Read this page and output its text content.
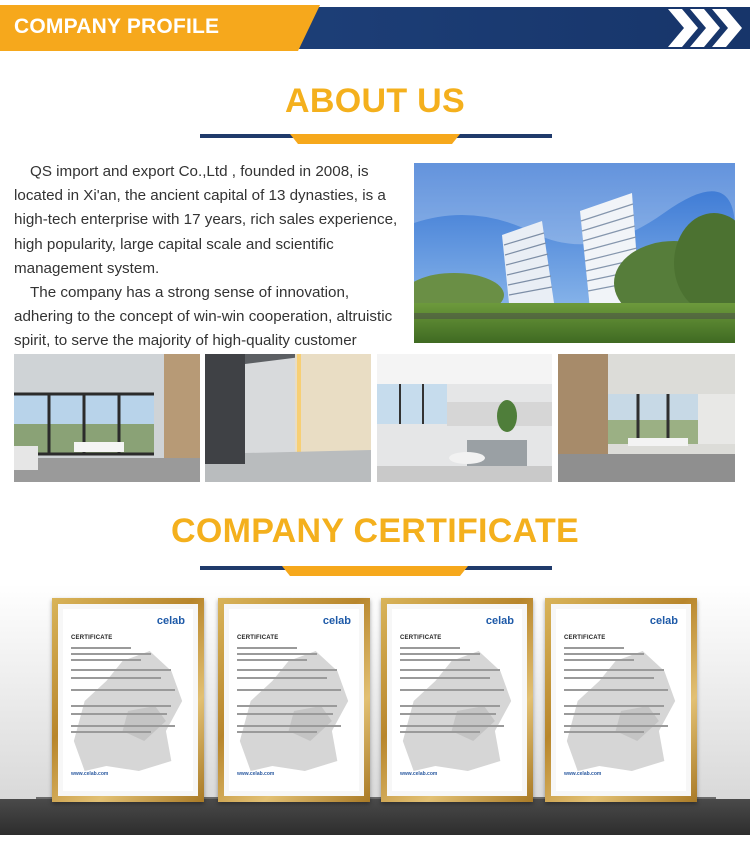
COMPANY PROFILE
ABOUT US

QS import and export Co.,Ltd , founded in 2008, is located in Xi'an, the ancient capital of 13 dynasties, is a high-tech enterprise with 17 years, rich sales experience, high popularity, large capital scale and scientific management system.

The company has a strong sense of innovation, adhering to the concept of win-win cooperation, altruistic spirit, to serve the majority of high-quality customer

COMPANY CERTIFICATE
celab
CERTIFICATE
www.celab.com
celab
CERTIFICATE
www.celab.com
celab
CERTIFICATE
www.celab.com
celab
CERTIFICATE
www.celab.com
